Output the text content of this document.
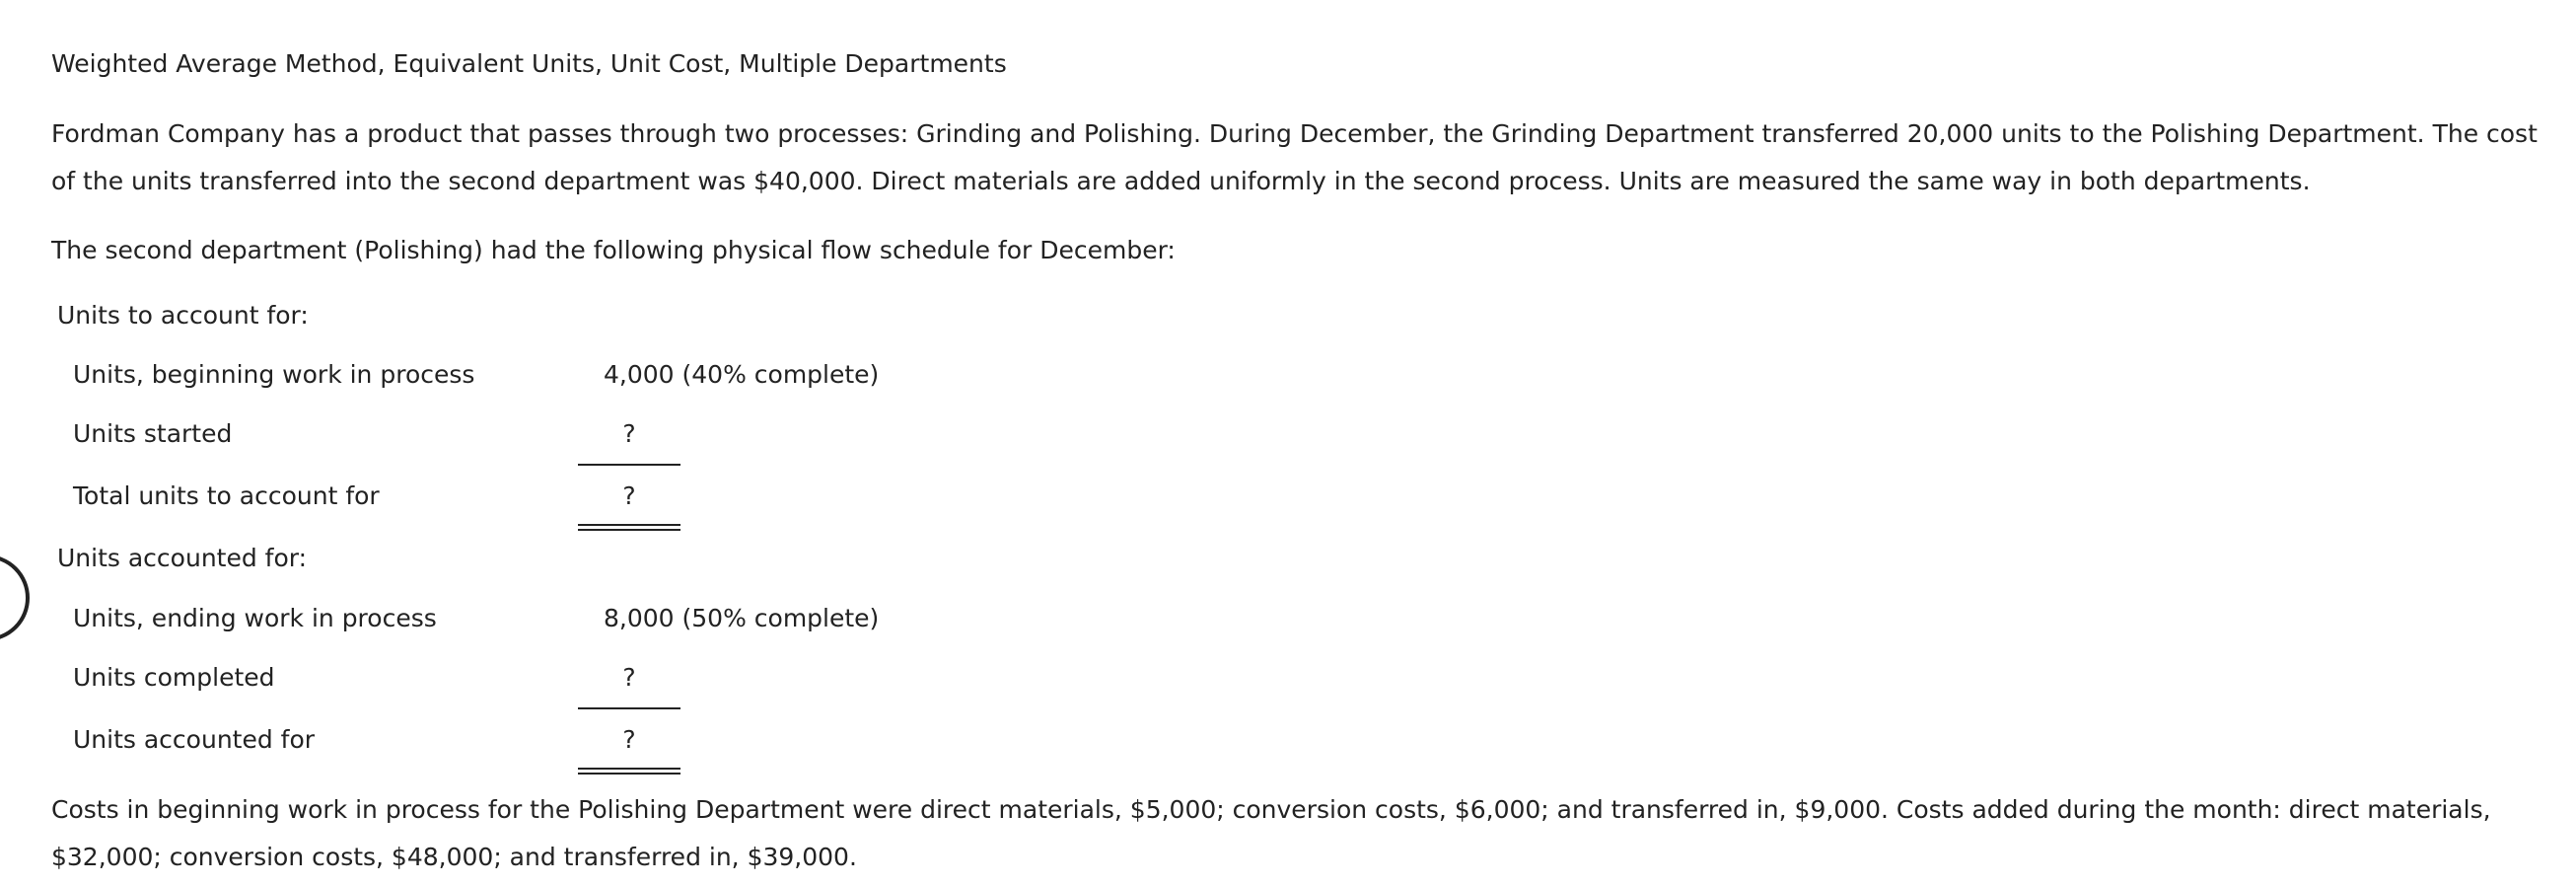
Weighted Average Method, Equivalent Units, Unit Cost, Multiple Departments
Fordman Company has a product that passes through two processes: Grinding and Polishing. During December, the Grinding Department transferred 20,000 units to the Polishing Department. The cost of the units transferred into the second department was $40,000. Direct materials are added uniformly in the second process. Units are measured the same way in both departments.
The second department (Polishing) had the following physical flow schedule for December:
Units to account for:
Units, beginning work in process	4,000 (40% complete)
Units started	?
Total units to account for	?
Units accounted for:
Units, ending work in process	8,000 (50% complete)
Units completed	?
Units accounted for	?
Costs in beginning work in process for the Polishing Department were direct materials, $5,000; conversion costs, $6,000; and transferred in, $9,000. Costs added during the month: direct materials, $32,000; conversion costs, $48,000; and transferred in, $39,000.
